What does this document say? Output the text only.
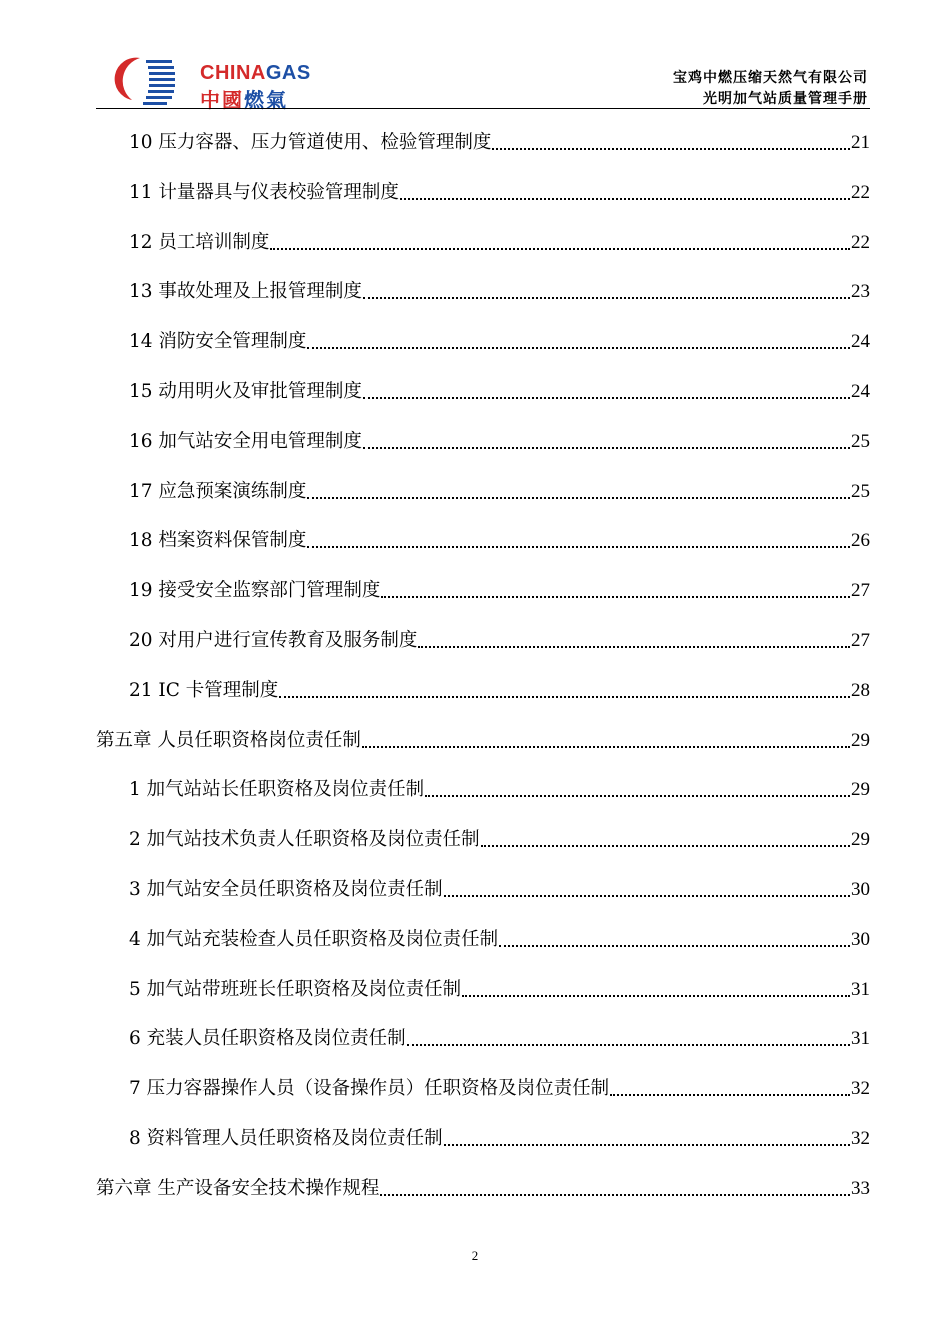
CHINAGAS
中國燃氣
宝鸡中燃压缩天然气有限公司
光明加气站质量管理手册
10 压力容器、压力管道使用、检验管理制度	21
11 计量器具与仪表校验管理制度	22
12 员工培训制度	22
13 事故处理及上报管理制度	23
14 消防安全管理制度	24
15 动用明火及审批管理制度	24
16 加气站安全用电管理制度	25
17 应急预案演练制度	25
18 档案资料保管制度	26
19 接受安全监察部门管理制度	27
20 对用户进行宣传教育及服务制度	27
21 IC 卡管理制度	28
第五章 人员任职资格岗位责任制	29
1 加气站站长任职资格及岗位责任制	29
2 加气站技术负责人任职资格及岗位责任制	29
3 加气站安全员任职资格及岗位责任制	30
4 加气站充装检查人员任职资格及岗位责任制	30
5 加气站带班班长任职资格及岗位责任制	31
6 充装人员任职资格及岗位责任制	31
7 压力容器操作人员（设备操作员）任职资格及岗位责任制	32
8 资料管理人员任职资格及岗位责任制	32
第六章 生产设备安全技术操作规程	33
2
